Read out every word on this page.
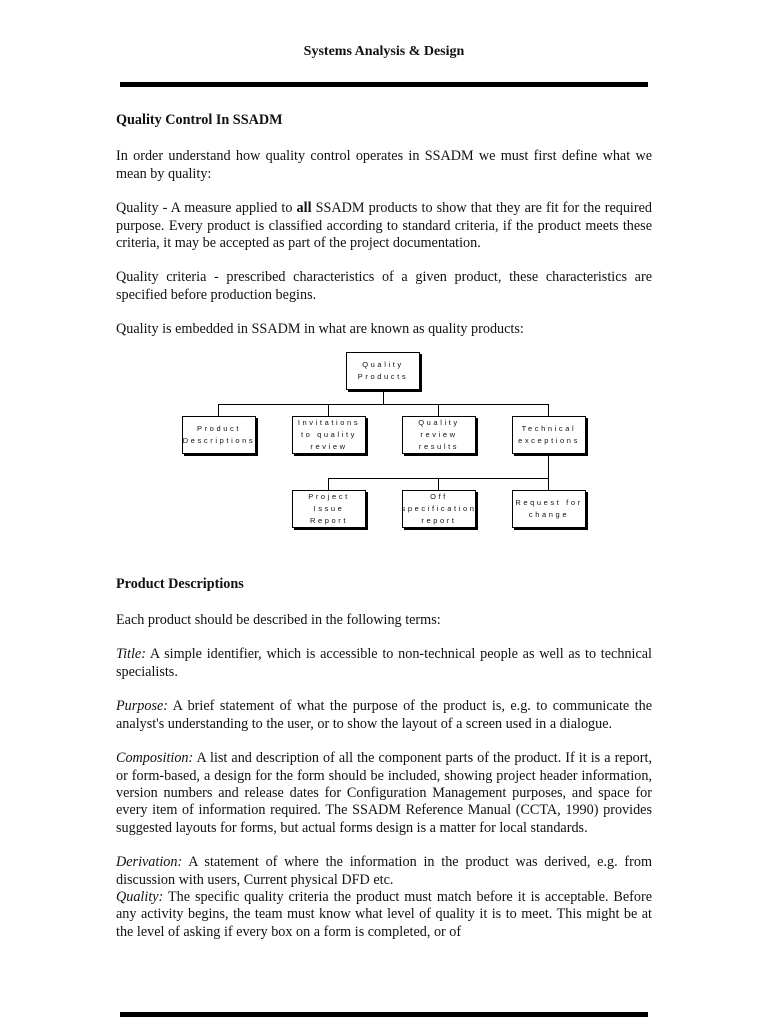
Systems Analysis & Design
Quality Control In SSADM

In order understand how quality control operates in SSADM we must first define what we mean by quality:

Quality - A measure applied to all SSADM products to show that they are fit for the required purpose. Every product is classified according to standard criteria, if the product meets these criteria, it may be accepted as part of the project documentation.

Quality criteria - prescribed characteristics of a given product, these characteristics are specified before production begins.

Quality is embedded in SSADM in what are known as quality products:

Quality Products
Product Descriptions
Invitations to quality review
Quality review results
Technical exceptions
Project Issue Report
Off specification report
Request for change
Product Descriptions

Each product should be described in the following terms:

Title: A simple identifier, which is accessible to non-technical people as well as to technical specialists.

Purpose: A brief statement of what the purpose of the product is, e.g. to communicate the analyst's understanding to the user, or to show the layout of a screen used in a dialogue.

Composition: A list and description of all the component parts of the product. If it is a report, or form-based, a design for the form should be included, showing project header information, version numbers and release dates for Configuration Management purposes, and space for every item of information required. The SSADM Reference Manual (CCTA, 1990) provides suggested layouts for forms, but actual forms design is a matter for local standards.

Derivation: A statement of where the information in the product was derived, e.g. from discussion with users, Current physical DFD etc.

Quality: The specific quality criteria the product must match before it is acceptable. Before any activity begins, the team must know what level of quality it is to meet. This might be at the level of asking if every box on a form is completed, or of
